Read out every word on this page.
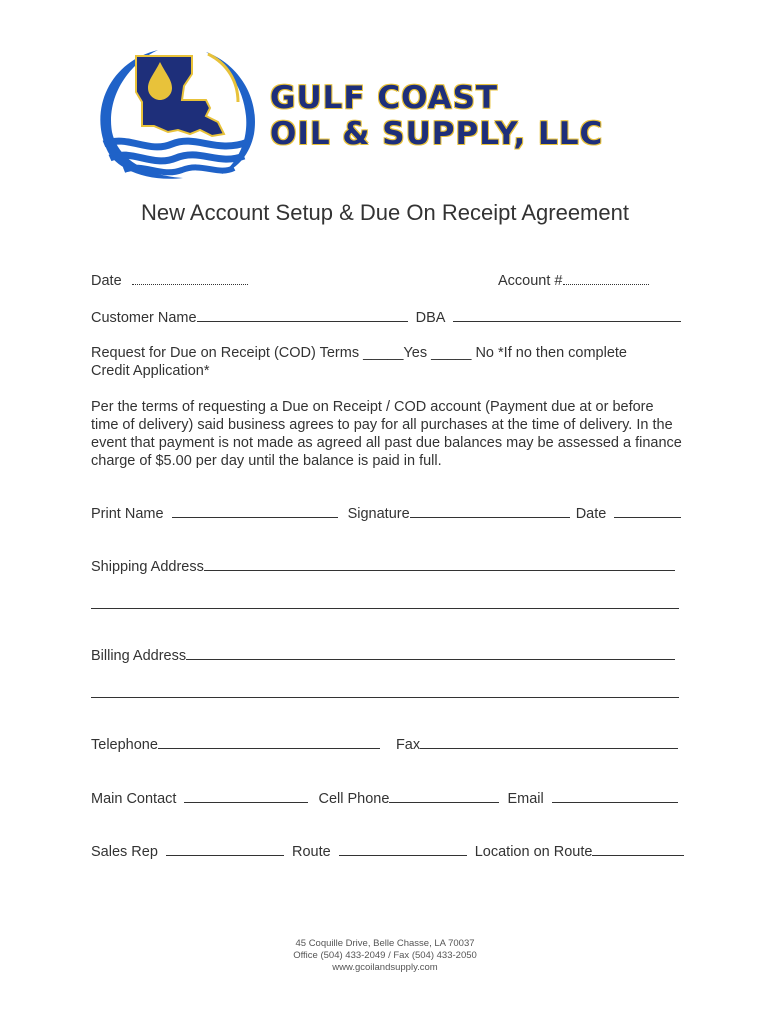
GULF COAST
OIL & SUPPLY, LLC
New Account Setup & Due On Receipt Agreement
Date	Account #
Customer Name	DBA
Request for Due on Receipt (COD) Terms _____Yes _____ No *If no then complete
Credit Application*
Per the terms of requesting a Due on Receipt / COD account (Payment due at or before time of delivery) said business agrees to pay for all purchases at the time of delivery. In the event that payment is not made as agreed all past due balances may be assessed a finance charge of $5.00 per day until the balance is paid in full.
Print Name	Signature	Date
Shipping Address
Billing Address
Telephone	Fax
Main Contact	Cell Phone	Email
Sales Rep	Route	Location on Route
45 Coquille Drive, Belle Chasse, LA 70037
Office (504) 433-2049 / Fax (504) 433-2050
www.gcoilandsupply.com
